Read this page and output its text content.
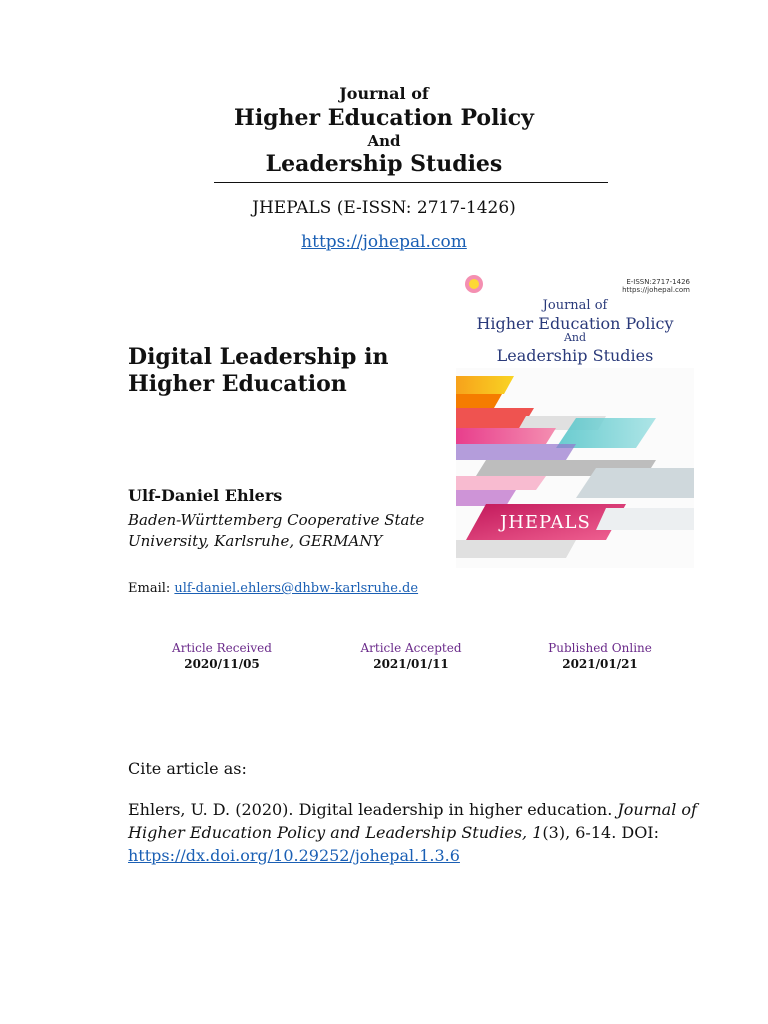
Journal of
Higher Education Policy
And
Leadership Studies
JHEPALS (E-ISSN: 2717-1426)
https://johepal.com
E-ISSN:2717-1426
https://johepal.com
Journal of
Higher Education Policy
And
Leadership Studies
JHEPALS
Digital Leadership in Higher Education
Ulf-Daniel Ehlers
Baden-Württemberg Cooperative State University, Karlsruhe, GERMANY
Email: ulf-daniel.ehlers@dhbw-karlsruhe.de
Article Received
2020/11/05
Article Accepted
2021/01/11
Published Online
2021/01/21
Cite article as:
Ehlers, U. D. (2020). Digital leadership in higher education. Journal of Higher Education Policy and Leadership Studies, 1(3), 6-14. DOI:
https://dx.doi.org/10.29252/johepal.1.3.6
